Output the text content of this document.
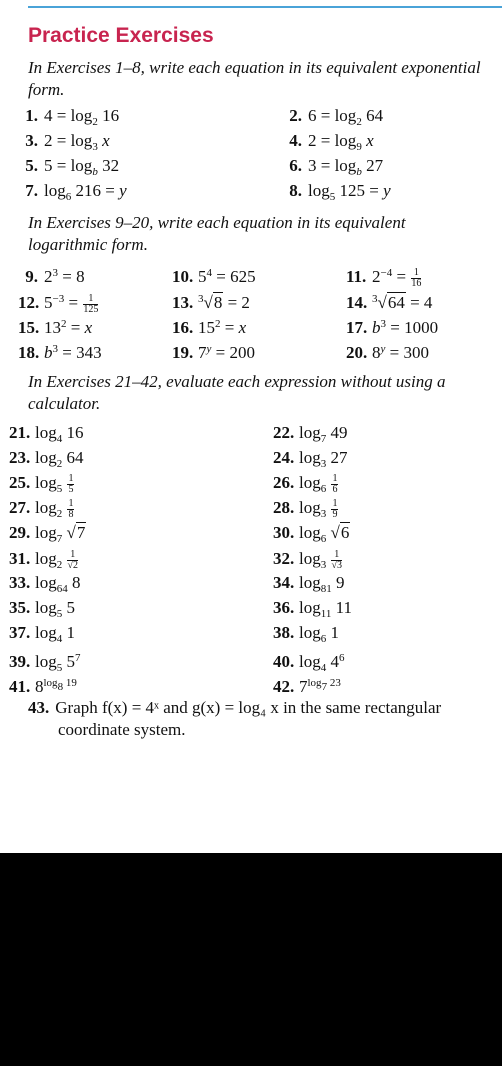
Practice Exercises
In Exercises 1–8, write each equation in its equivalent exponential
form.
1. $4 = \log_2 16$	2. $6 = \log_2 64$
3. $2 = \log_3 x$	4. $2 = \log_9 x$
5. $5 = \log_b 32$	6. $3 = \log_b 27$
7. $\log_6 216 = y$	8. $\log_5 125 = y$
In Exercises 9–20, write each equation in its equivalent
logarithmic form.
9. $2^3 = 8$	10. $5^4 = 625$	11. $2^{-4} = \frac{1}{16}$
12. $5^{-3} = \frac{1}{125}$	13. $^3$√8 = 2	14. $^3$√64 = 4
15. $13^2 = x$	16. $15^2 = x$	17. $b^3 = 1000$
18. $b^3 = 343$	19. $7^y = 200$	20. $8^y = 300$
In Exercises 21–42, evaluate each expression without using a
calculator.
21. $\log_4 16$	22. $\log_7 49$
23. $\log_2 64$	24. $\log_3 27$
25. $\log_5 \frac{1}{5}$	26. $\log_6 \frac{1}{6}$
27. $\log_2 \frac{1}{8}$	28. $\log_3 \frac{1}{9}$
29. $\log_7 √7$	30. $\log_6 √6$
31. $\log_2 \frac{1}{√2}$	32. $\log_3 \frac{1}{√3}$
33. $\log_{64} 8$	34. $\log_{81} 9$
35. $\log_5 5$	36. $\log_{11} 11$
37. $\log_4 1$	38. $\log_6 1$
39. $\log_5 5^7$	40. $\log_4 4^6$
41. $8^{log_8 19}$	42. $7^{log_7 23}$
43. Graph f(x) = 4ˣ and g(x) = log₄ x in the same rectangular
coordinate system.
